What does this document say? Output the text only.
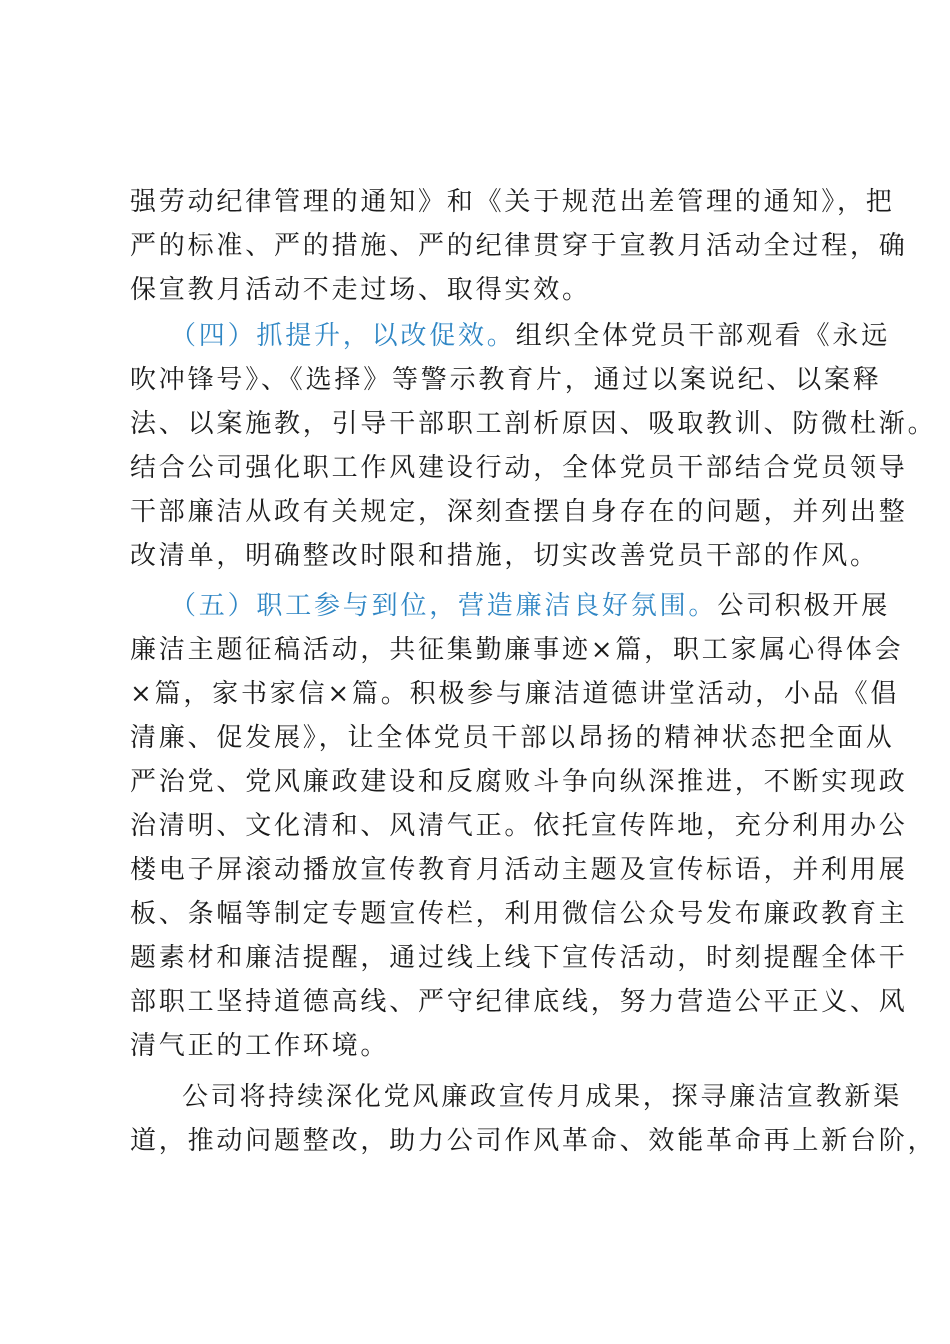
强劳动纪律管理的通知》和《关于规范出差管理的通知》，把
严的标准、严的措施、严的纪律贯穿于宣教月活动全过程，确
保宣教月活动不走过场、取得实效。
（四）抓提升，以改促效。组织全体党员干部观看《永远
吹冲锋号》、《选择》等警示教育片，通过以案说纪、以案释
法、以案施教，引导干部职工剖析原因、吸取教训、防微杜渐。
结合公司强化职工作风建设行动，全体党员干部结合党员领导
干部廉洁从政有关规定，深刻查摆自身存在的问题，并列出整
改清单，明确整改时限和措施，切实改善党员干部的作风。
（五）职工参与到位，营造廉洁良好氛围。公司积极开展
廉洁主题征稿活动，共征集勤廉事迹×篇，职工家属心得体会
×篇，家书家信×篇。积极参与廉洁道德讲堂活动，小品《倡
清廉、促发展》，让全体党员干部以昂扬的精神状态把全面从
严治党、党风廉政建设和反腐败斗争向纵深推进，不断实现政
治清明、文化清和、风清气正。依托宣传阵地，充分利用办公
楼电子屏滚动播放宣传教育月活动主题及宣传标语，并利用展
板、条幅等制定专题宣传栏，利用微信公众号发布廉政教育主
题素材和廉洁提醒，通过线上线下宣传活动，时刻提醒全体干
部职工坚持道德高线、严守纪律底线，努力营造公平正义、风
清气正的工作环境。
公司将持续深化党风廉政宣传月成果，探寻廉洁宣教新渠
道，推动问题整改，助力公司作风革命、效能革命再上新台阶，
